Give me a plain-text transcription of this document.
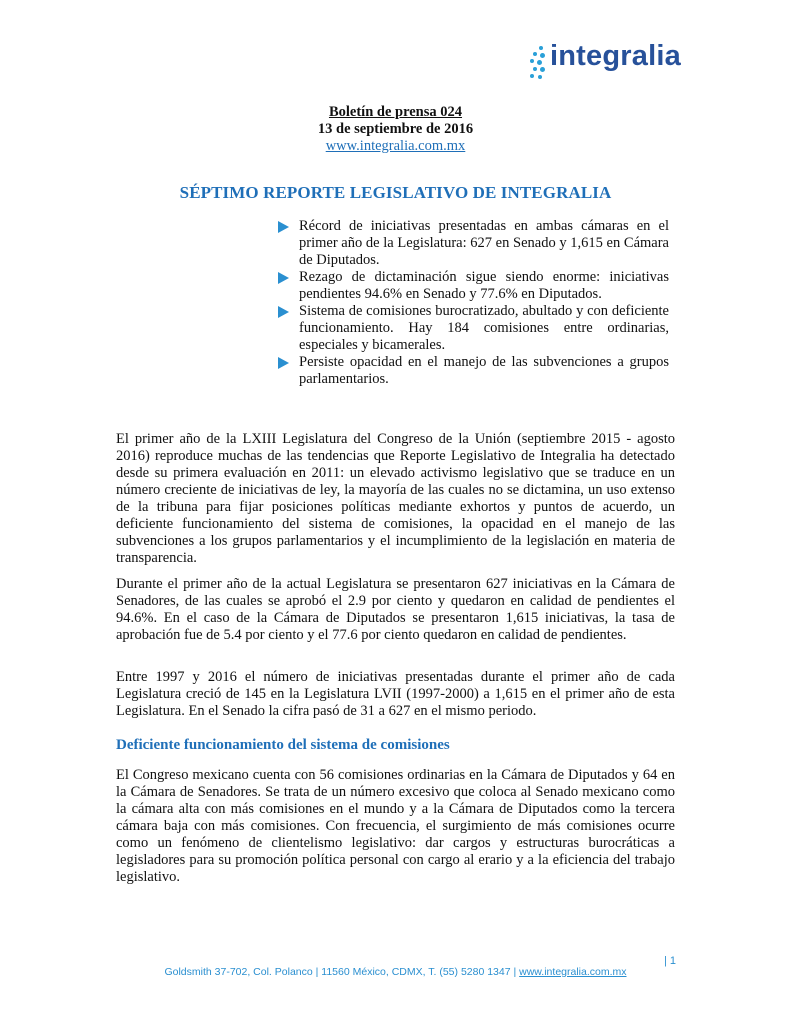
integralia
Boletín de prensa 024
13 de septiembre de 2016
www.integralia.com.mx
SÉPTIMO REPORTE LEGISLATIVO DE INTEGRALIA
Récord de iniciativas presentadas en ambas cámaras en el primer año de la Legislatura: 627 en Senado y 1,615 en Cámara de Diputados.
Rezago de dictaminación sigue siendo enorme: iniciativas pendientes 94.6% en Senado y 77.6% en Diputados.
Sistema de comisiones burocratizado, abultado y con deficiente funcionamiento. Hay 184 comisiones entre ordinarias, especiales y bicamerales.
Persiste opacidad en el manejo de las subvenciones a grupos parlamentarios.

El primer año de la LXIII Legislatura del Congreso de la Unión (septiembre 2015 - agosto 2016) reproduce muchas de las tendencias que Reporte Legislativo de Integralia ha detectado desde su primera evaluación en 2011: un elevado activismo legislativo que se traduce en un número creciente de iniciativas de ley, la mayoría de las cuales no se dictamina, un uso extenso de la tribuna para fijar posiciones políticas mediante exhortos y puntos de acuerdo, un deficiente funcionamiento del sistema de comisiones, la opacidad en el manejo de las subvenciones a los grupos parlamentarios y el incumplimiento de la legislación en materia de transparencia.

Durante el primer año de la actual Legislatura se presentaron 627 iniciativas en la Cámara de Senadores, de las cuales se aprobó el 2.9 por ciento y quedaron en calidad de pendientes el 94.6%. En el caso de la Cámara de Diputados se presentaron 1,615 iniciativas, la tasa de aprobación fue de 5.4 por ciento y el 77.6 por ciento quedaron en calidad de pendientes.

Entre 1997 y 2016 el número de iniciativas presentadas durante el primer año de cada Legislatura creció de 145 en la Legislatura LVII (1997-2000) a 1,615 en el primer año de esta Legislatura. En el Senado la cifra pasó de 31 a 627 en el mismo periodo.

Deficiente funcionamiento del sistema de comisiones

El Congreso mexicano cuenta con 56 comisiones ordinarias en la Cámara de Diputados y 64 en la Cámara de Senadores. Se trata de un número excesivo que coloca al Senado mexicano como la cámara alta con más comisiones en el mundo y a la Cámara de Diputados como la tercera cámara baja con más comisiones. Con frecuencia, el surgimiento de más comisiones ocurre como un fenómeno de clientelismo legislativo: dar cargos y estructuras burocráticas a legisladores para su promoción política personal con cargo al erario y a la eficiencia del trabajo legislativo.

| 1
Goldsmith 37-702, Col. Polanco | 11560 México, CDMX, T. (55) 5280 1347 | www.integralia.com.mx
